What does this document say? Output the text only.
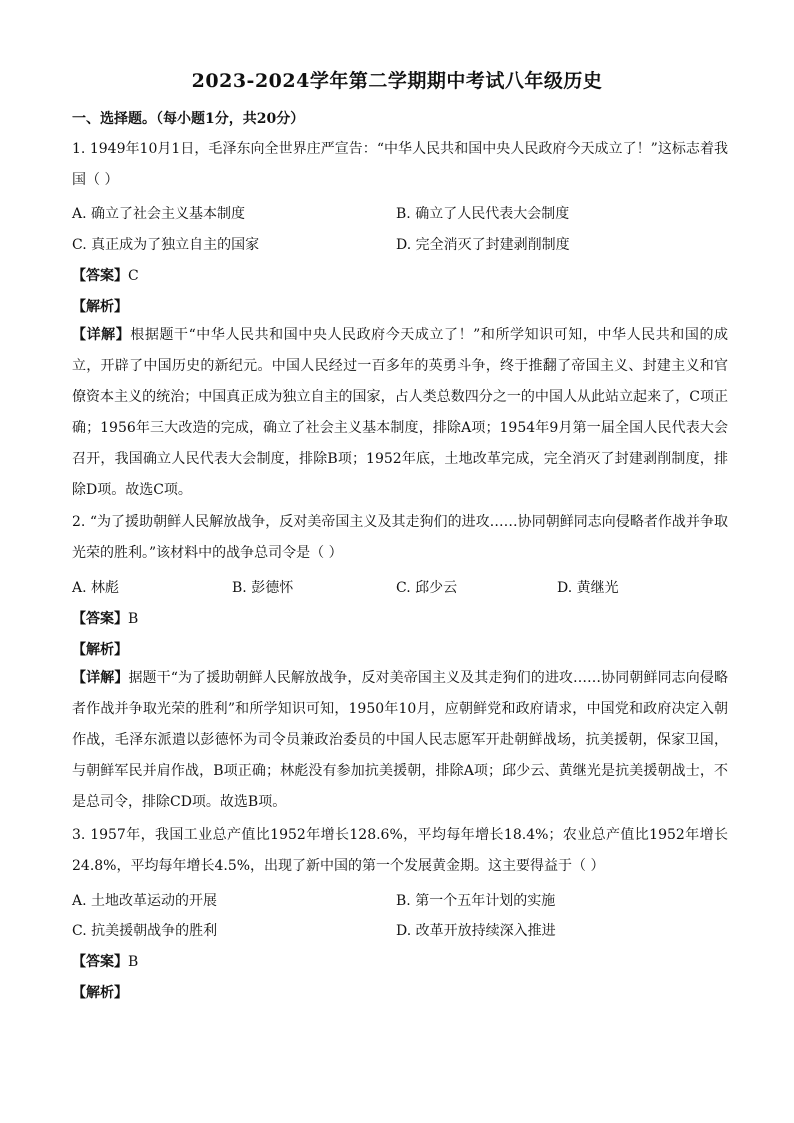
2023-2024学年第二学期期中考试八年级历史
一、选择题。（每小题1分，共20分）
1. 1949年10月1日，毛泽东向全世界庄严宣告：“中华人民共和国中央人民政府今天成立了！”这标志着我国（ ）
A. 确立了社会主义基本制度	B. 确立了人民代表大会制度
C. 真正成为了独立自主的国家	D. 完全消灭了封建剥削制度
【答案】C
【解析】
【详解】根据题干“中华人民共和国中央人民政府今天成立了！”和所学知识可知，中华人民共和国的成立，开辟了中国历史的新纪元。中国人民经过一百多年的英勇斗争，终于推翻了帝国主义、封建主义和官僚资本主义的统治；中国真正成为独立自主的国家，占人类总数四分之一的中国人从此站立起来了，C项正确；1956年三大改造的完成，确立了社会主义基本制度，排除A项；1954年9月第一届全国人民代表大会召开，我国确立人民代表大会制度，排除B项；1952年底，土地改革完成，完全消灭了封建剥削制度，排除D项。故选C项。
2. “为了援助朝鲜人民解放战争，反对美帝国主义及其走狗们的进攻……协同朝鲜同志向侵略者作战并争取光荣的胜利。”该材料中的战争总司令是（ ）
A. 林彪	B. 彭德怀	C. 邱少云	D. 黄继光
【答案】B
【解析】
【详解】据题干“为了援助朝鲜人民解放战争，反对美帝国主义及其走狗们的进攻……协同朝鲜同志向侵略者作战并争取光荣的胜利”和所学知识可知，1950年10月，应朝鲜党和政府请求，中国党和政府决定入朝作战，毛泽东派遣以彭德怀为司令员兼政治委员的中国人民志愿军开赴朝鲜战场，抗美援朝，保家卫国，与朝鲜军民并肩作战，B项正确；林彪没有参加抗美援朝，排除A项；邱少云、黄继光是抗美援朝战士，不是总司令，排除CD项。故选B项。
3. 1957年，我国工业总产值比1952年增长128.6%，平均每年增长18.4%；农业总产值比1952年增长24.8%，平均每年增长4.5%，出现了新中国的第一个发展黄金期。这主要得益于（ ）
A. 土地改革运动的开展	B. 第一个五年计划的实施
C. 抗美援朝战争的胜利	D. 改革开放持续深入推进
【答案】B
【解析】
